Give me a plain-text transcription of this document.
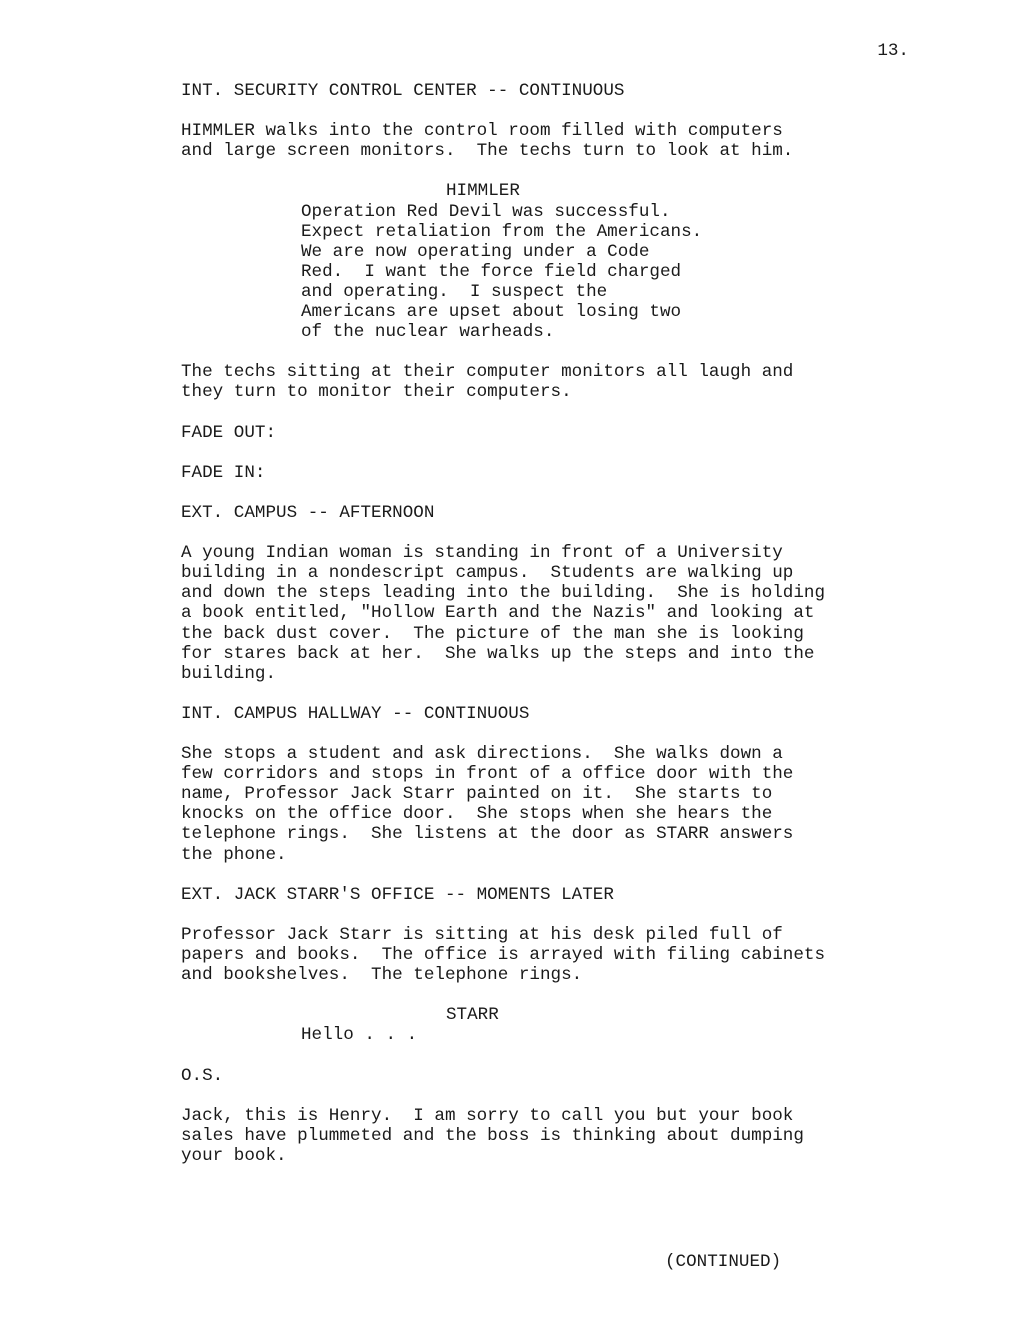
13.
INT. SECURITY CONTROL CENTER -- CONTINUOUS
HIMMLER walks into the control room filled with computers
and large screen monitors.  The techs turn to look at him.
HIMMLER
Operation Red Devil was successful.
Expect retaliation from the Americans.
We are now operating under a Code
Red.  I want the force field charged
and operating.  I suspect the
Americans are upset about losing two
of the nuclear warheads.
The techs sitting at their computer monitors all laugh and
they turn to monitor their computers.
FADE OUT:
FADE IN:
EXT. CAMPUS -- AFTERNOON
A young Indian woman is standing in front of a University
building in a nondescript campus.  Students are walking up
and down the steps leading into the building.  She is holding
a book entitled, "Hollow Earth and the Nazis" and looking at
the back dust cover.  The picture of the man she is looking
for stares back at her.  She walks up the steps and into the
building.
INT. CAMPUS HALLWAY -- CONTINUOUS
She stops a student and ask directions.  She walks down a
few corridors and stops in front of a office door with the
name, Professor Jack Starr painted on it.  She starts to
knocks on the office door.  She stops when she hears the
telephone rings.  She listens at the door as STARR answers
the phone.
EXT. JACK STARR'S OFFICE -- MOMENTS LATER
Professor Jack Starr is sitting at his desk piled full of
papers and books.  The office is arrayed with filing cabinets
and bookshelves.  The telephone rings.
STARR
Hello . . .
O.S.
Jack, this is Henry.  I am sorry to call you but your book
sales have plummeted and the boss is thinking about dumping
your book.
(CONTINUED)
